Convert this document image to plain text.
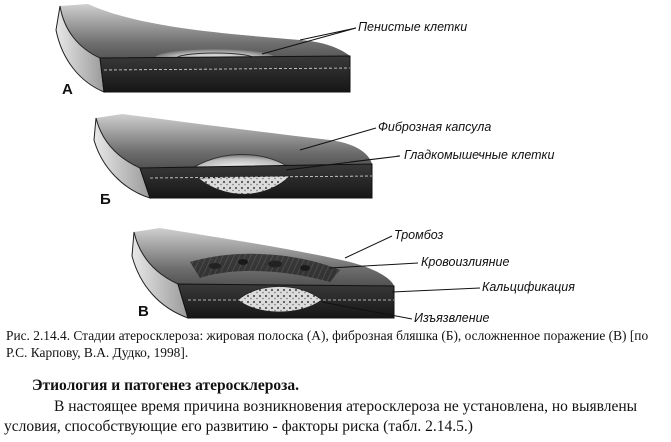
А
Пенистые клетки
Б
Фиброзная капсула
Гладкомышечные клетки
В
Тромбоз
Кровоизлияние
Кальцификация
Изъязвление

Рис. 2.14.4. Стадии атеросклероза: жировая полоска (А), фиброзная бляшка (Б), осложненное поражение (В) [по Р.С. Карпову, В.А. Дудко, 1998].

Этиология и патогенез атеросклероза.

В настоящее время причина возникновения атеросклероза не установлена, но выявлены условия, способствующие его развитию - факторы риска (табл. 2.14.5.)
